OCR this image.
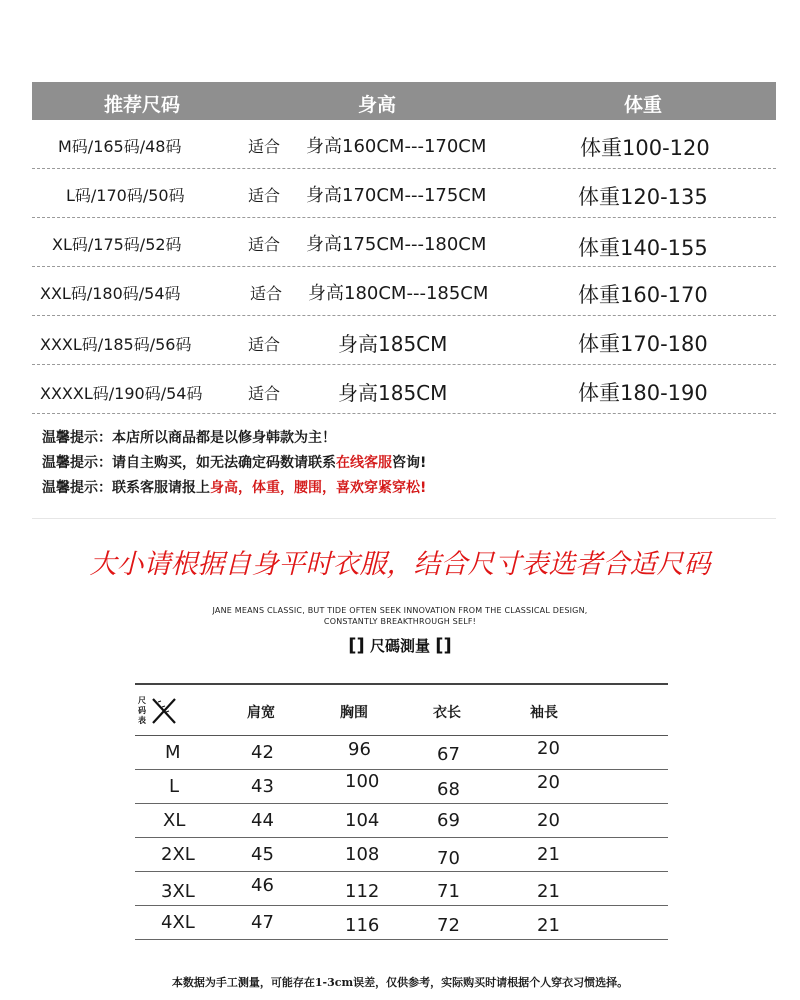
推荐尺码	身高	体重
M码/165码/48码	适合 身高160CM---170CM	体重100-120
L码/170码/50码	适合 身高170CM---175CM	体重120-135
XL码/175码/52码	适合 身高175CM---180CM	体重140-155
XXL码/180码/54码	适合 身高180CM---185CM	体重160-170
XXXL码/185码/56码	适合	身高185CM	体重170-180
XXXXL码/190码/54码	适合	身高185CM	体重180-190
温馨提示：本店所以商品都是以修身韩款为主！
温馨提示：请自主购买，如无法确定码数请联系在线客服咨询!
温馨提示：联系客服请报上身高，体重，腰围，喜欢穿紧穿松!
大小请根据自身平时衣服，结合尺寸表选者合适尺码
JANE MEANS CLASSIC, BUT TIDE OFTEN SEEK INNOVATION FROM THE CLASSICAL DESIGN,
CONSTANTLY BREAKTHROUGH SELF!
[] 尺碼測量 []
尺
码
表	肩宽	胸围	衣长	袖長
M	42	96	67	20
L	43	100	68	20
XL	44	104	69	20
2XL	45	108	70	21
3XL	46	112	71	21
4XL	47	116	72	21
本数据为手工测量，可能存在1-3cm误差，仅供参考，实际购买时请根据个人穿衣习惯选择。
